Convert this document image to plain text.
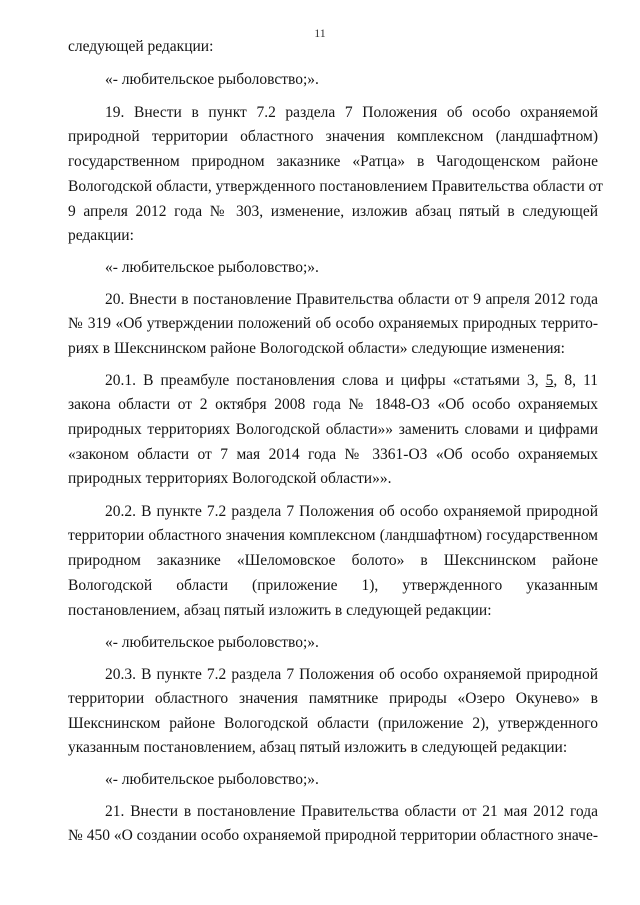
11
следующей редакции:
«- любительское рыболовство;».
19. Внести в пункт 7.2 раздела 7 Положения об особо охраняемой
природной территории областного значения комплексном (ландшафтном)
государственном природном заказнике «Ратца» в Чагодощенском районе
Вологодской области, утвержденного постановлением Правительства области от
9 апреля 2012 года № 303, изменение, изложив абзац пятый в следующей
редакции:
«- любительское рыболовство;».
20. Внести в постановление Правительства области от 9 апреля 2012 года
№ 319 «Об утверждении положений об особо охраняемых природных террито-
риях в Шекснинском районе Вологодской области» следующие изменения:
20.1. В преамбуле постановления слова и цифры «статьями 3, 5, 8, 11
закона области от 2 октября 2008 года № 1848-ОЗ «Об особо охраняемых
природных территориях Вологодской области»» заменить словами и цифрами
«законом области от 7 мая 2014 года № 3361-ОЗ «Об особо охраняемых
природных территориях Вологодской области»».
20.2. В пункте 7.2 раздела 7 Положения об особо охраняемой природной
территории областного значения комплексном (ландшафтном) государственном
природном заказнике «Шеломовское болото» в Шекснинском районе
Вологодской области (приложение 1), утвержденного указанным
постановлением, абзац пятый изложить в следующей редакции:
«- любительское рыболовство;».
20.3. В пункте 7.2 раздела 7 Положения об особо охраняемой природной
территории областного значения памятнике природы «Озеро Окунево» в
Шекснинском районе Вологодской области (приложение 2), утвержденного
указанным постановлением, абзац пятый изложить в следующей редакции:
«- любительское рыболовство;».
21. Внести в постановление Правительства области от 21 мая 2012 года
№ 450 «О создании особо охраняемой природной территории областного значе-
